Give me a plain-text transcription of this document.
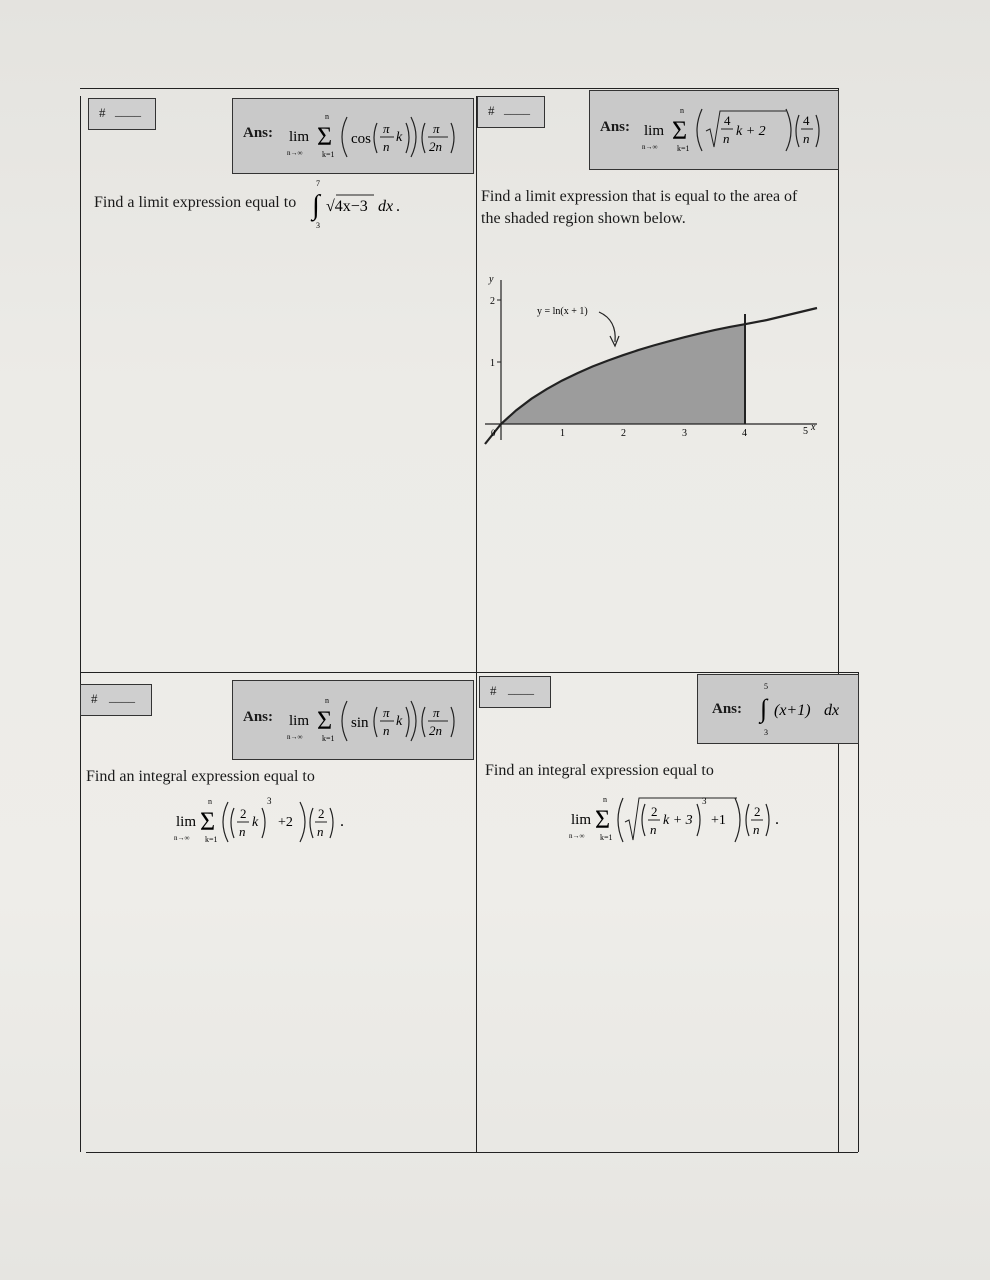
# ____
Ans: lim
n→∞
Σ
n
k=1
cos
π
n
k
π
2n
Find a limit expression equal to
7
∫
3
√4x−3 dx .
# ____
Ans: lim
n→∞
Σ
n
k=1
4
n k + 2
4
n
Find a limit expression that is equal to the area of
the shaded region shown below.
y
2
1
0	1	2	3	4	5 x
y = ln(x + 1)
# ____
Ans: lim
n→∞
Σ
n
k=1
sin
π
n
k
π
2n
Find an integral expression equal to
lim
n→∞
Σ
n
k=1
2
n
k
3
+2
2
n
.
# ____
Ans:
5
∫
3
(x+1) dx
Find an integral expression equal to
lim
n→∞
Σ
n
k=1
2
n
k + 3
3
+1
2
n
.
